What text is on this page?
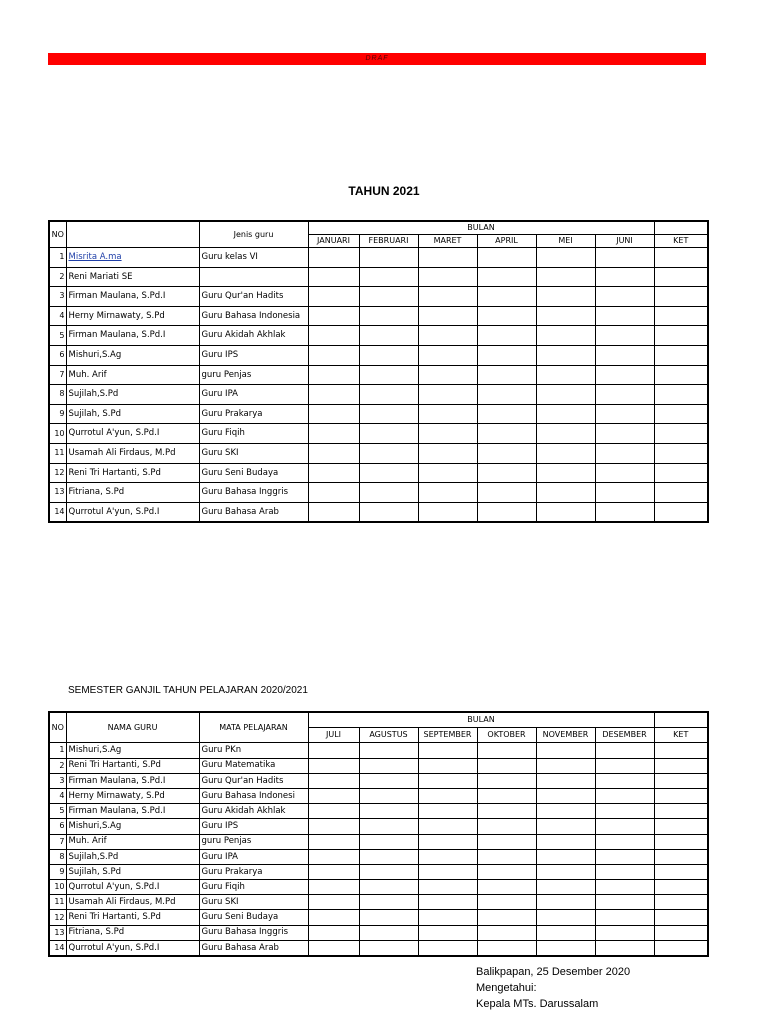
DRAF
TAHUN 2021
NO		Jenis guru	BULAN						
			JANUARI	FEBRUARI	MARET	APRIL	MEI	JUNI	KET
1	Misrita A.ma	Guru kelas VI							
2	Reni Mariati SE								
3	Firman Maulana, S.Pd.I	Guru Qur'an Hadits							
4	Herny Mirnawaty, S.Pd	Guru Bahasa Indonesia							
5	Firman Maulana, S.Pd.I	Guru Akidah Akhlak							
6	Mishuri,S.Ag	Guru IPS							
7	Muh. Arif	guru Penjas							
8	Sujilah,S.Pd	Guru IPA							
9	Sujilah, S.Pd	Guru Prakarya							
10	Qurrotul A'yun, S.Pd.I	Guru Fiqih							
11	Usamah Ali Firdaus, M.Pd	Guru SKI							
12	Reni Tri Hartanti, S.Pd	Guru Seni Budaya							
13	Fitriana, S.Pd	Guru Bahasa Inggris							
14	Qurrotul A'yun, S.Pd.I	Guru Bahasa Arab							
SEMESTER GANJIL TAHUN PELAJARAN 2020/2021
NO	NAMA GURU	MATA PELAJARAN	BULAN						
			JULI	AGUSTUS	SEPTEMBER	OKTOBER	NOVEMBER	DESEMBER	KET
1	Mishuri,S.Ag	Guru PKn							
2	Reni Tri Hartanti, S.Pd	Guru Matematika							
3	Firman Maulana, S.Pd.I	Guru Qur'an Hadits							
4	Herny Mirnawaty, S.Pd	Guru Bahasa Indonesi							
5	Firman Maulana, S.Pd.I	Guru Akidah Akhlak							
6	Mishuri,S.Ag	Guru IPS							
7	Muh. Arif	guru Penjas							
8	Sujilah,S.Pd	Guru IPA							
9	Sujilah, S.Pd	Guru Prakarya							
10	Qurrotul A'yun, S.Pd.I	Guru Fiqih							
11	Usamah Ali Firdaus, M.Pd	Guru SKI							
12	Reni Tri Hartanti, S.Pd	Guru Seni Budaya							
13	Fitriana, S.Pd	Guru Bahasa Inggris							
14	Qurrotul A'yun, S.Pd.I	Guru Bahasa Arab							
Balikpapan, 25 Desember 2020
Mengetahui:
Kepala MTs. Darussalam
